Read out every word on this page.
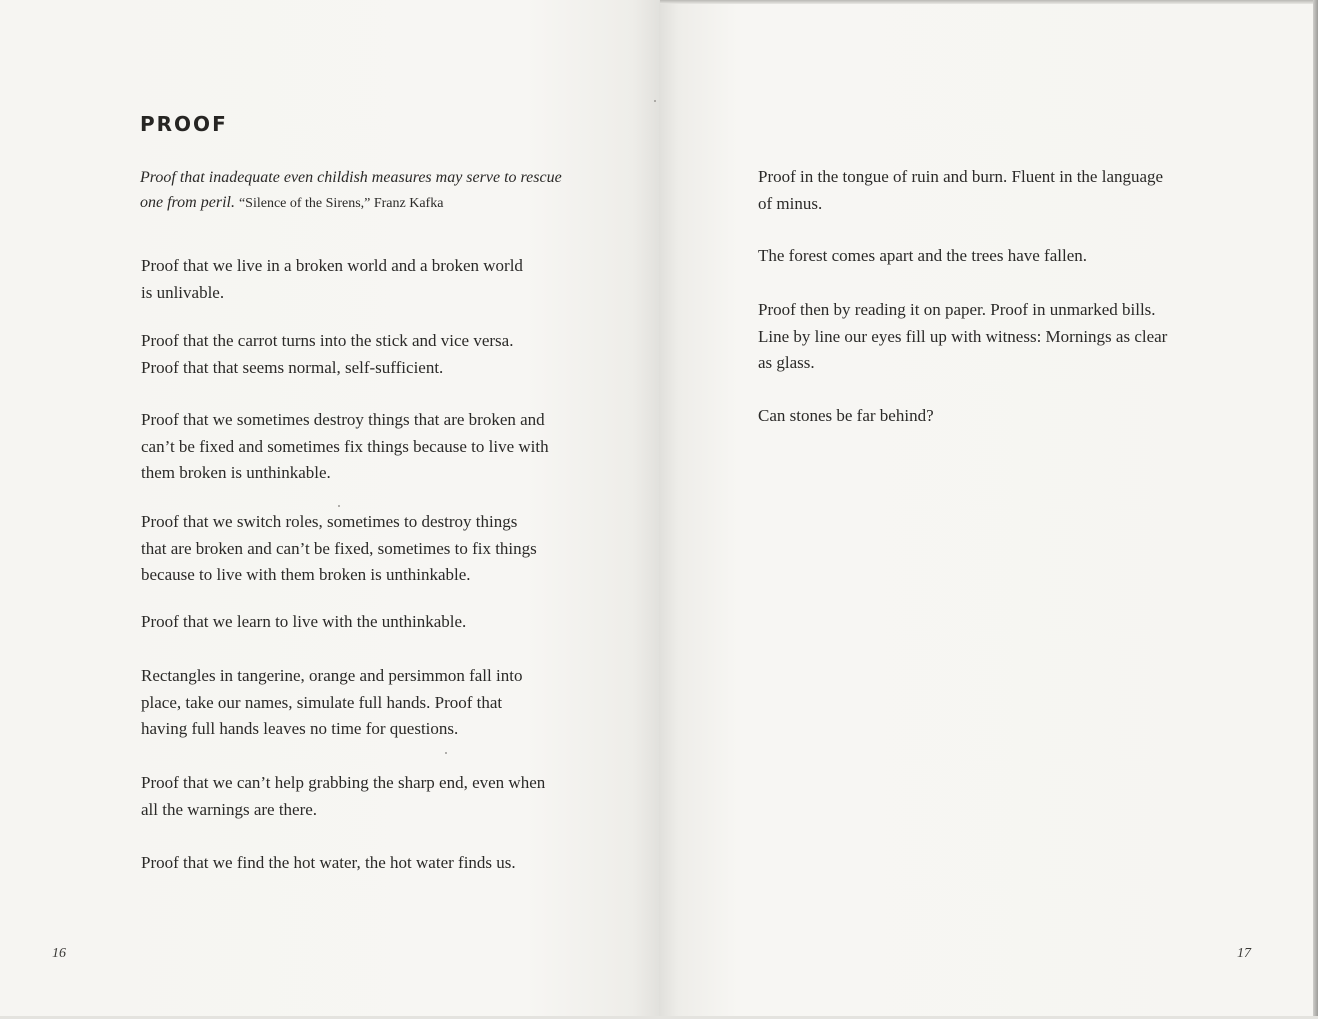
PROOF

Proof that inadequate even childish measures may serve to rescue
one from peril. “Silence of the Sirens,” Franz Kafka

Proof that we live in a broken world and a broken world
is unlivable.

Proof that the carrot turns into the stick and vice versa.
Proof that that seems normal, self-sufficient.

Proof that we sometimes destroy things that are broken and
can’t be fixed and sometimes fix things because to live with
them broken is unthinkable.

Proof that we switch roles, sometimes to destroy things
that are broken and can’t be fixed, sometimes to fix things
because to live with them broken is unthinkable.

Proof that we learn to live with the unthinkable.

Rectangles in tangerine, orange and persimmon fall into
place, take our names, simulate full hands. Proof that
having full hands leaves no time for questions.

Proof that we can’t help grabbing the sharp end, even when
all the warnings are there.

Proof that we find the hot water, the hot water finds us.

16

Proof in the tongue of ruin and burn. Fluent in the language
of minus.

The forest comes apart and the trees have fallen.

Proof then by reading it on paper. Proof in unmarked bills.
Line by line our eyes fill up with witness: Mornings as clear
as glass.

Can stones be far behind?

17
